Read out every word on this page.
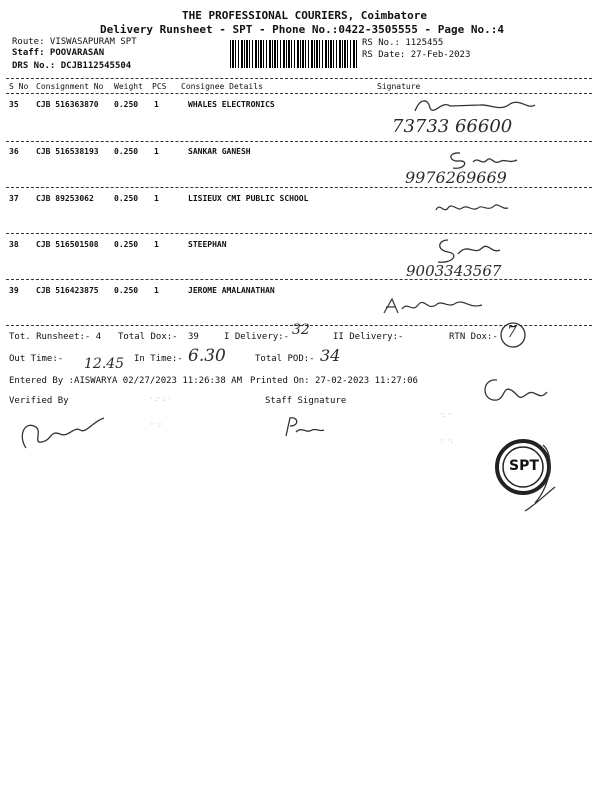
THE PROFESSIONAL COURIERS, Coimbatore
Delivery Runsheet - SPT - Phone No.:0422-3505555 - Page No.:4
Route: VISWASAPURAM SPT
Staff: POOVARASAN
DRS No.: DCJB112545504
RS No.: 1125455
RS Date: 27-Feb-2023
S No Consignment No Weight PCS Consignee Details	Signature
35 CJB 516363870 0.250 1	WHALES ELECTRONICS
73733 66600
36 CJB 516538193 0.250 1	SANKAR GANESH
9976269669
37 CJB 89253062	0.250 1	LISIEUX CMI PUBLIC SCHOOL
38 CJB 516501508 0.250 1	STEEPHAN
9003343567
39 CJB 516423875 0.250 1	JEROME AMALANATHAN
Tot. Runsheet:- 4 Total Dox:- 39	I Delivery:- 32	II Delivery:-	RTN Dox:- 7
Out Time:- 12.45 In Time:- 6.30	Total POD:- 34
Entered By :AISWARYA 02/27/2023 11:26:38 AM Printed On: 27-02-2023 11:27:06
Verified By	Staff Signature
· :· : ·
·· :·
·: ··
:· ·:
SPT
